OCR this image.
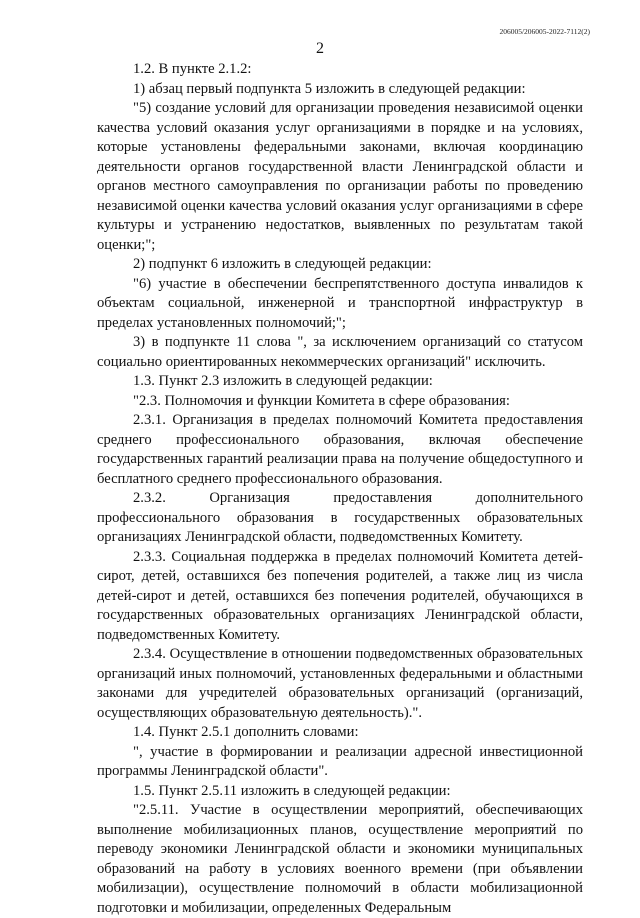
206005/206005-2022-7112(2)
2

1.2. В пункте 2.1.2:

1) абзац первый подпункта 5 изложить в следующей редакции:

"5) создание условий для организации проведения независимой оценки качества условий оказания услуг организациями в порядке и на условиях, которые установлены федеральными законами, включая координацию деятельности органов государственной власти Ленинградской области и органов местного самоуправления по организации работы по проведению независимой оценки качества условий оказания услуг организациями в сфере культуры и устранению недостатков, выявленных по результатам такой оценки;";

2) подпункт 6 изложить в следующей редакции:

"6) участие в обеспечении беспрепятственного доступа инвалидов к объектам социальной, инженерной и транспортной инфраструктур в пределах установленных полномочий;";

3) в подпункте 11 слова ", за исключением организаций со статусом социально ориентированных некоммерческих организаций" исключить.

1.3. Пункт 2.3 изложить в следующей редакции:

"2.3. Полномочия и функции Комитета в сфере образования:

2.3.1. Организация в пределах полномочий Комитета предоставления среднего профессионального образования, включая обеспечение государственных гарантий реализации права на получение общедоступного и бесплатного среднего профессионального образования.

2.3.2. Организация предоставления дополнительного профессионального образования в государственных образовательных организациях Ленинградской области, подведомственных Комитету.

2.3.3. Социальная поддержка в пределах полномочий Комитета детей-сирот, детей, оставшихся без попечения родителей, а также лиц из числа детей-сирот и детей, оставшихся без попечения родителей, обучающихся в государственных образовательных организациях Ленинградской области, подведомственных Комитету.

2.3.4. Осуществление в отношении подведомственных образовательных организаций иных полномочий, установленных федеральными и областными законами для учредителей образовательных организаций (организаций, осуществляющих образовательную деятельность).".

1.4. Пункт 2.5.1 дополнить словами:

", участие в формировании и реализации адресной инвестиционной программы Ленинградской области".

1.5. Пункт 2.5.11 изложить в следующей редакции:

"2.5.11. Участие в осуществлении мероприятий, обеспечивающих выполнение мобилизационных планов, осуществление мероприятий по переводу экономики Ленинградской области и экономики муниципальных образований на работу в условиях военного времени (при объявлении мобилизации), осуществление полномочий в области мобилизационной подготовки и мобилизации, определенных Федеральным
